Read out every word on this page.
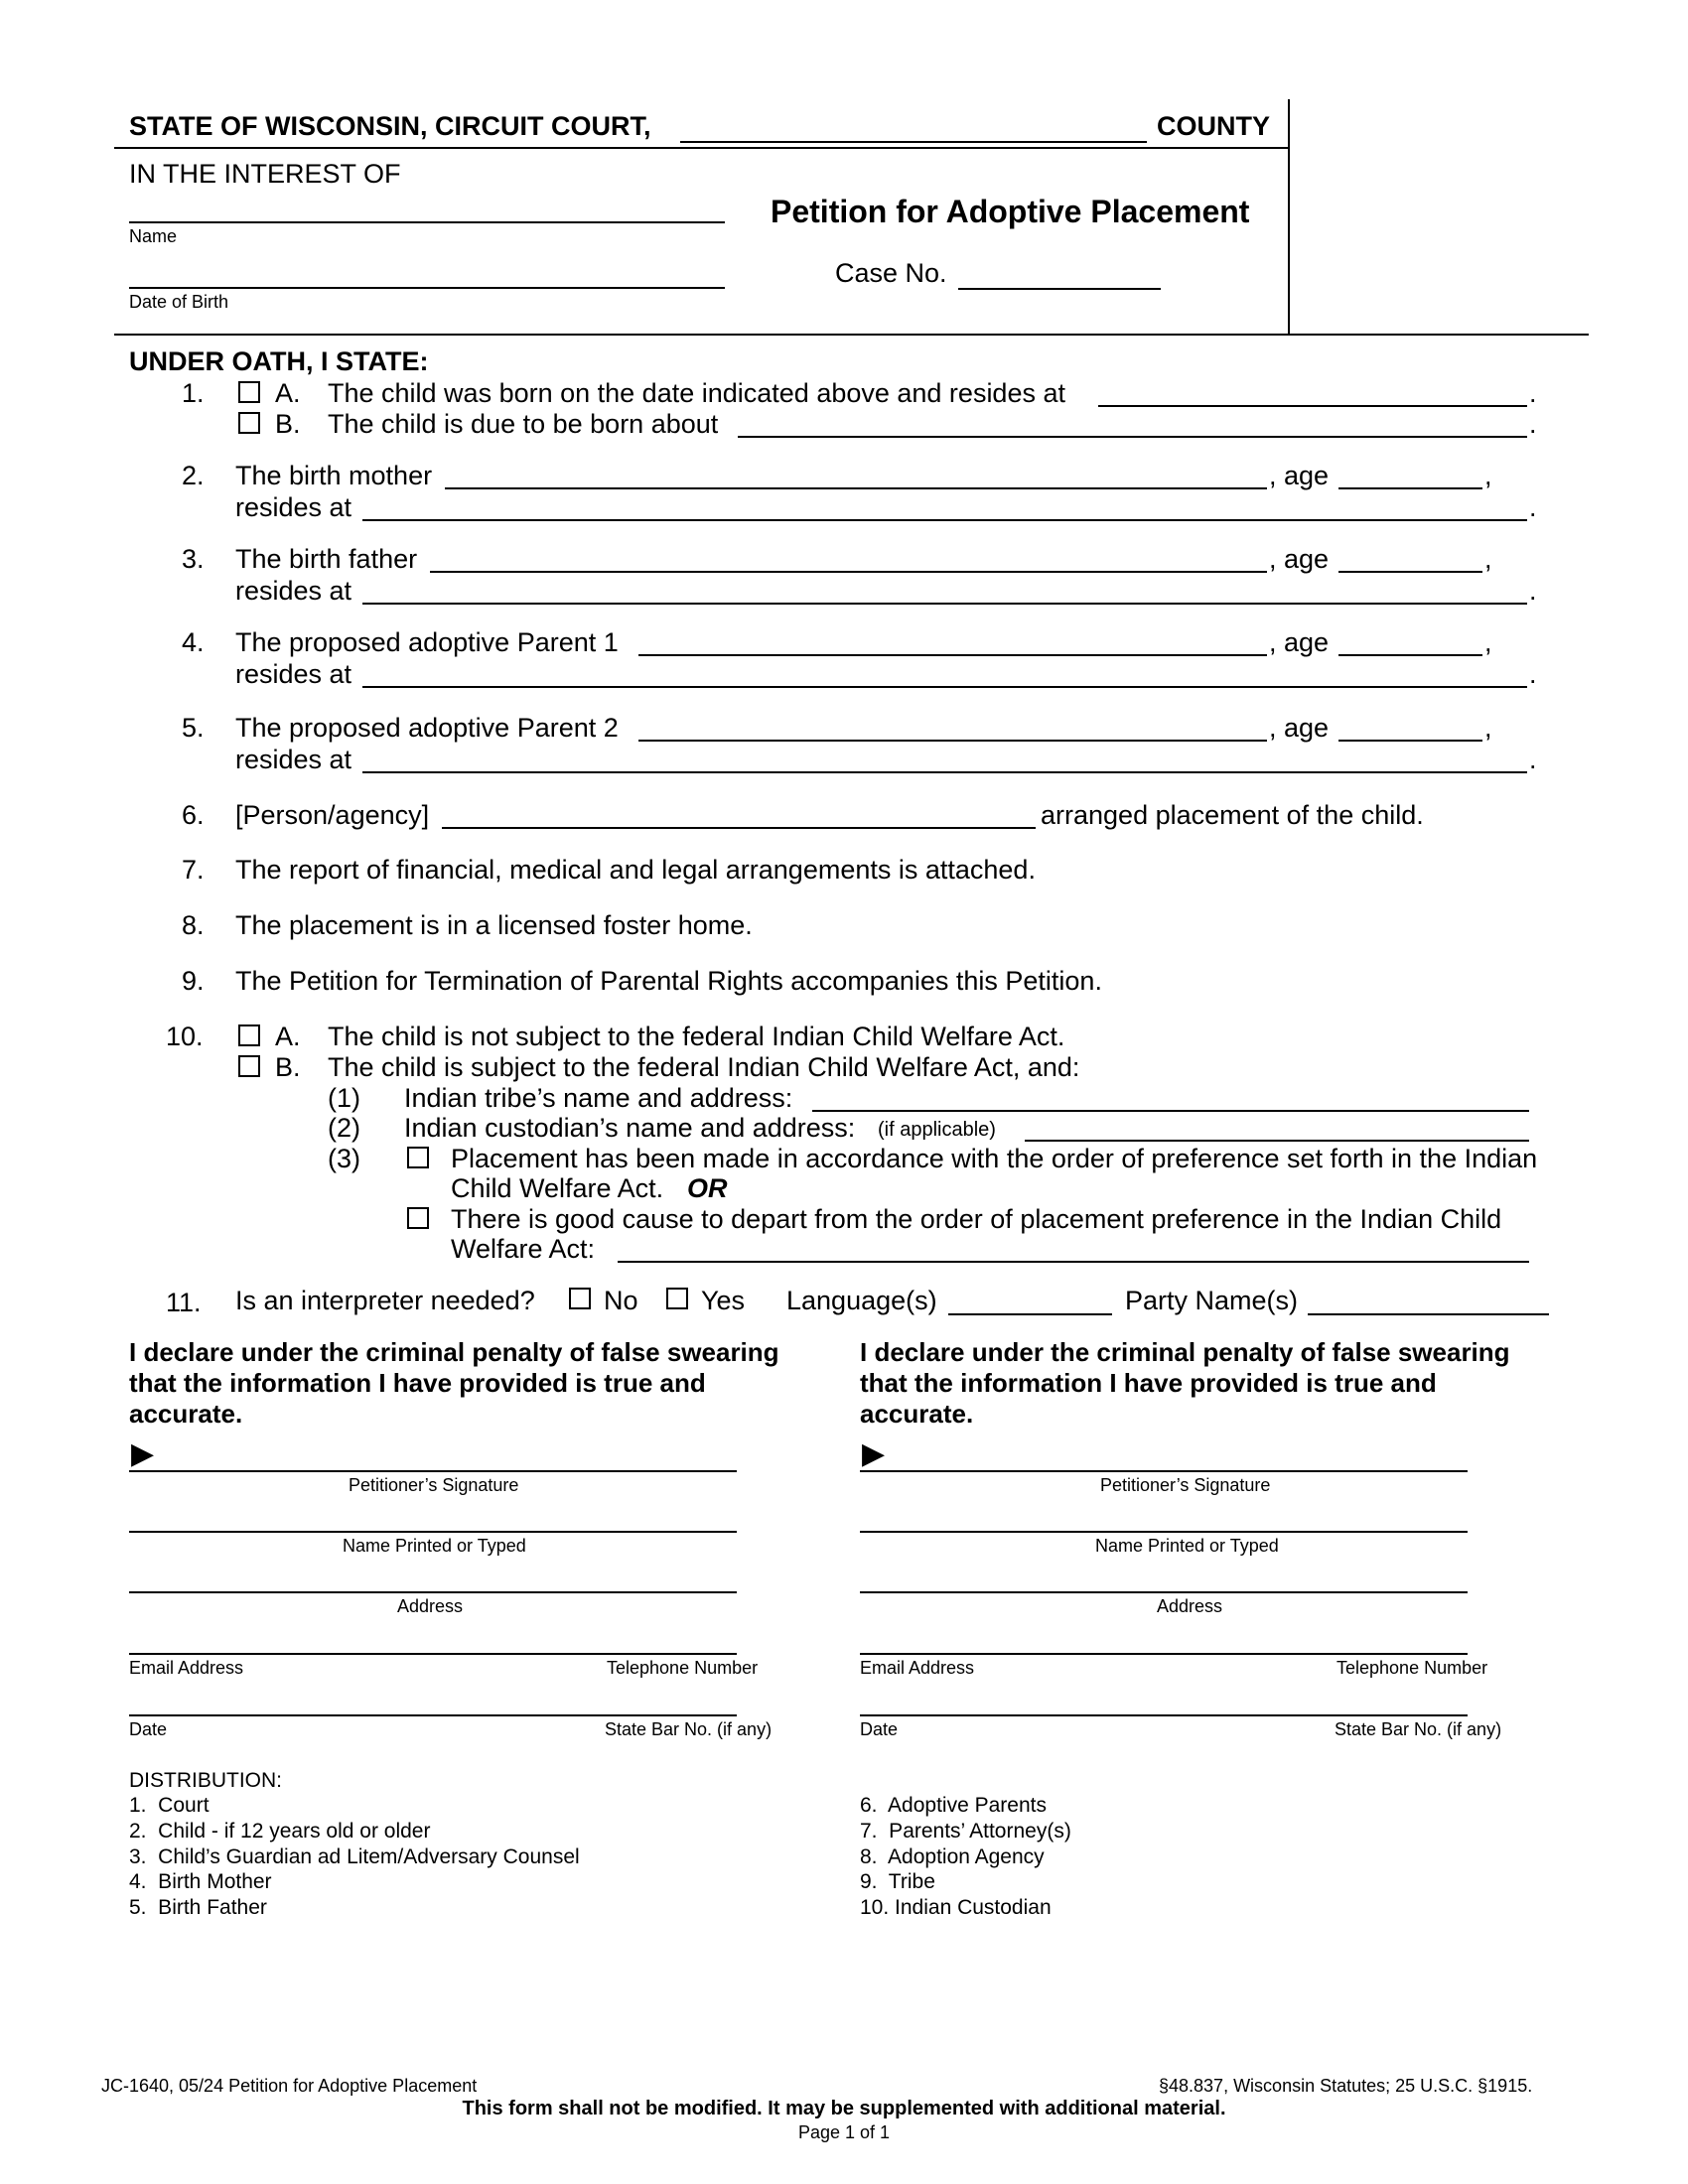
STATE OF WISCONSIN, CIRCUIT COURT,	COUNTY
IN THE INTEREST OF
Name
Date of Birth
Petition for Adoptive Placement
Case No.
UNDER OATH, I STATE:
1.	A. The child was born on the date indicated above and resides at	.
B. The child is due to be born about	.
2. The birth mother	, age	,
resides at	.
3. The birth father	, age	,
resides at	.
4. The proposed adoptive Parent 1	, age	,
resides at	.
5. The proposed adoptive Parent 2	, age	,
resides at	.
6. [Person/agency]	arranged placement of the child.
7. The report of financial, medical and legal arrangements is attached.
8. The placement is in a licensed foster home.
9. The Petition for Termination of Parental Rights accompanies this Petition.
10.	A. The child is not subject to the federal Indian Child Welfare Act.
B. The child is subject to the federal Indian Child Welfare Act, and:
(1) Indian tribe’s name and address:
(2) Indian custodian’s name and address: (if applicable)
(3)	Placement has been made in accordance with the order of preference set forth in the Indian
Child Welfare Act. OR
There is good cause to depart from the order of placement preference in the Indian Child
Welfare Act:
11. Is an interpreter needed?	No Yes Language(s)	Party Name(s)
I declare under the criminal penalty of false swearing
that the information I have provided is true and
accurate.
▶
Petitioner’s Signature
Name Printed or Typed
Address
Email Address	Telephone Number
Date	State Bar No. (if any)
I declare under the criminal penalty of false swearing
that the information I have provided is true and
accurate.
▶
Petitioner’s Signature
Name Printed or Typed
Address
Email Address	Telephone Number
Date	State Bar No. (if any)
DISTRIBUTION:
1.  Court
2.  Child - if 12 years old or older
3.  Child’s Guardian ad Litem/Adversary Counsel
4.  Birth Mother
5.  Birth Father
6.  Adoptive Parents
7.  Parents’ Attorney(s)
8.  Adoption Agency
9.  Tribe
10. Indian Custodian
JC-1640, 05/24 Petition for Adoptive Placement	§48.837, Wisconsin Statutes; 25 U.S.C. §1915.
This form shall not be modified. It may be supplemented with additional material.
Page 1 of 1
